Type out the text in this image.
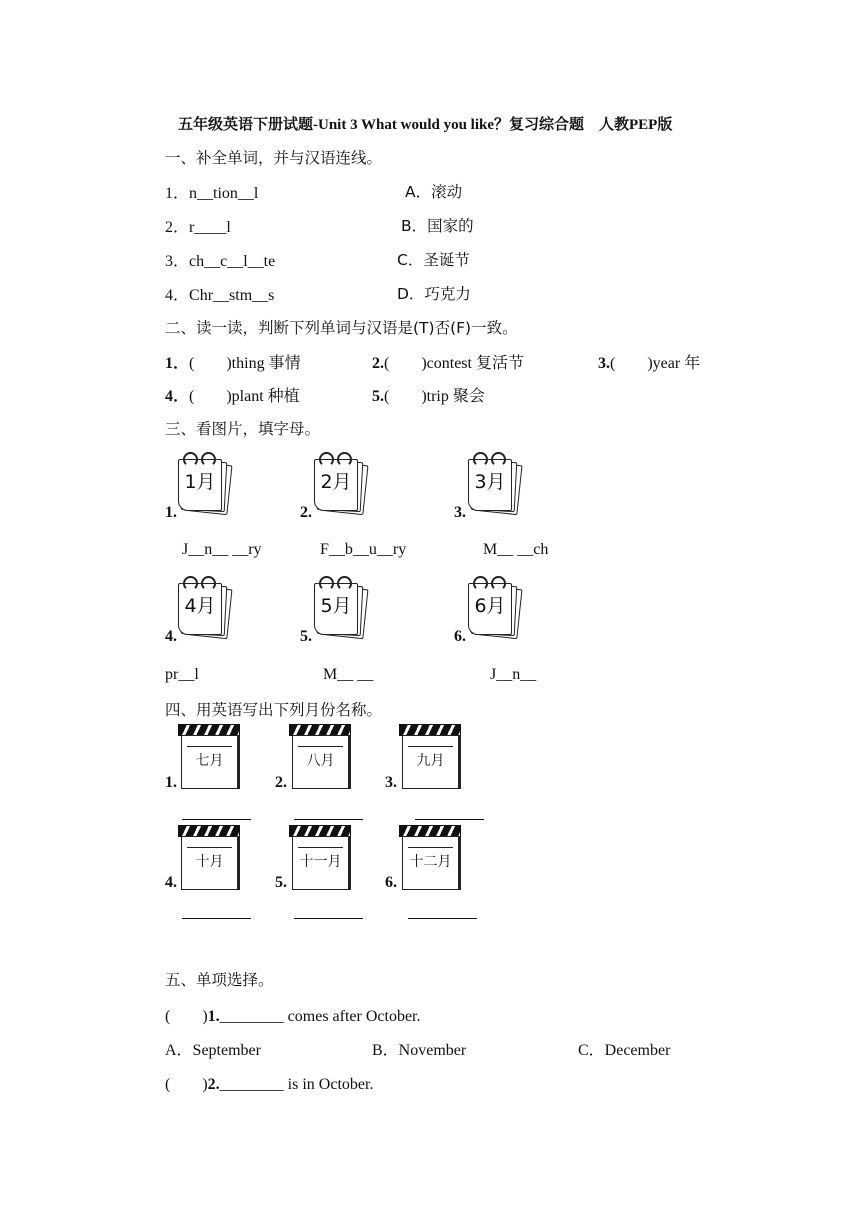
五年级英语下册试题-Unit 3 What would you like？复习综合题　人教PEP版
一、补全单词，并与汉语连线。
1．n__tion__l	A．滚动
2．r____l	B．国家的
3．ch__c__l__te	C．圣诞节
4．Chr__stm__s	D．巧克力
二、读一读，判断下列单词与汉语是(T)否(F)一致。
1．(　　)thing 事情	2.(　　)contest 复活节	3.(　　)year 年
4．(　　)plant 种植	5.(　　)trip 聚会
三、看图片，填字母。
1.
1月
2.
2月
3.
3月
J__n__ __ry	F__b__u__ry	M__ __ch
4.
4月
5.
5月
6.
6月
pr__l	M__ __	J__n__
四、用英语写出下列月份名称。
1.
七月
2.
八月
3.
九月
4.
十月
5.
十一月
6.
十二月
五、单项选择。
(　　)1.________ comes after October.
A．September	B．November	C．December
(　　)2.________ is in October.
